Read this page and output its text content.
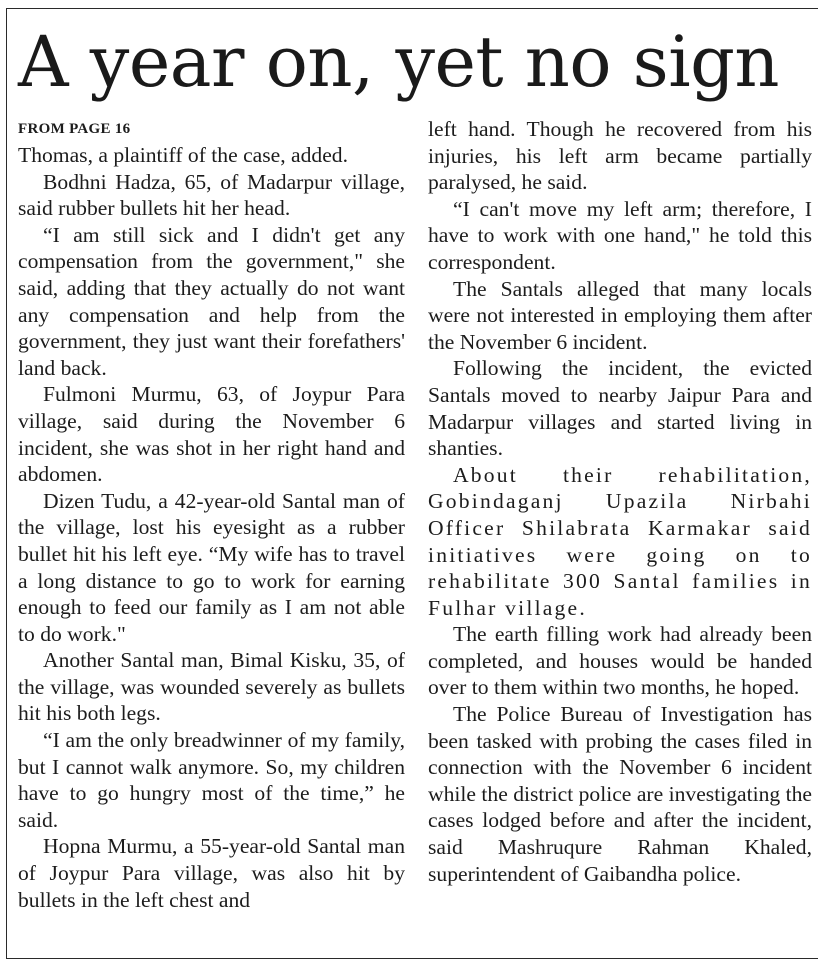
A year on, yet no sign
FROM PAGE 16

Thomas, a plaintiff of the case, added.

Bodhni Hadza, 65, of Madarpur village, said rubber bullets hit her head.

“I am still sick and I didn't get any compensation from the government," she said, adding that they actually do not want any compensation and help from the government, they just want their forefathers' land back.

Fulmoni Murmu, 63, of Joypur Para village, said during the November 6 incident, she was shot in her right hand and abdomen.

Dizen Tudu, a 42-year-old Santal man of the village, lost his eyesight as a rubber bullet hit his left eye. “My wife has to travel a long distance to go to work for earning enough to feed our family as I am not able to do work."

Another Santal man, Bimal Kisku, 35, of the village, was wounded severely as bullets hit his both legs.

“I am the only breadwinner of my family, but I cannot walk anymore. So, my children have to go hungry most of the time,” he said.

Hopna Murmu, a 55-year-old Santal man of Joypur Para village, was also hit by bullets in the left chest and

left hand. Though he recovered from his injuries, his left arm became partially paralysed, he said.

“I can't move my left arm; therefore, I have to work with one hand," he told this correspondent.

The Santals alleged that many locals were not interested in employing them after the November 6 incident.

Following the incident, the evicted Santals moved to nearby Jaipur Para and Madarpur villages and started living in shanties.

About their rehabilitation, Gobindaganj Upazila Nirbahi Officer Shilabrata Karmakar said initiatives were going on to rehabilitate 300 Santal families in Fulhar village.

The earth filling work had already been completed, and houses would be handed over to them within two months, he hoped.

The Police Bureau of Investigation has been tasked with probing the cases filed in connection with the November 6 incident while the district police are investigating the cases lodged before and after the incident, said Mashruqure Rahman Khaled, superintendent of Gaibandha police.
